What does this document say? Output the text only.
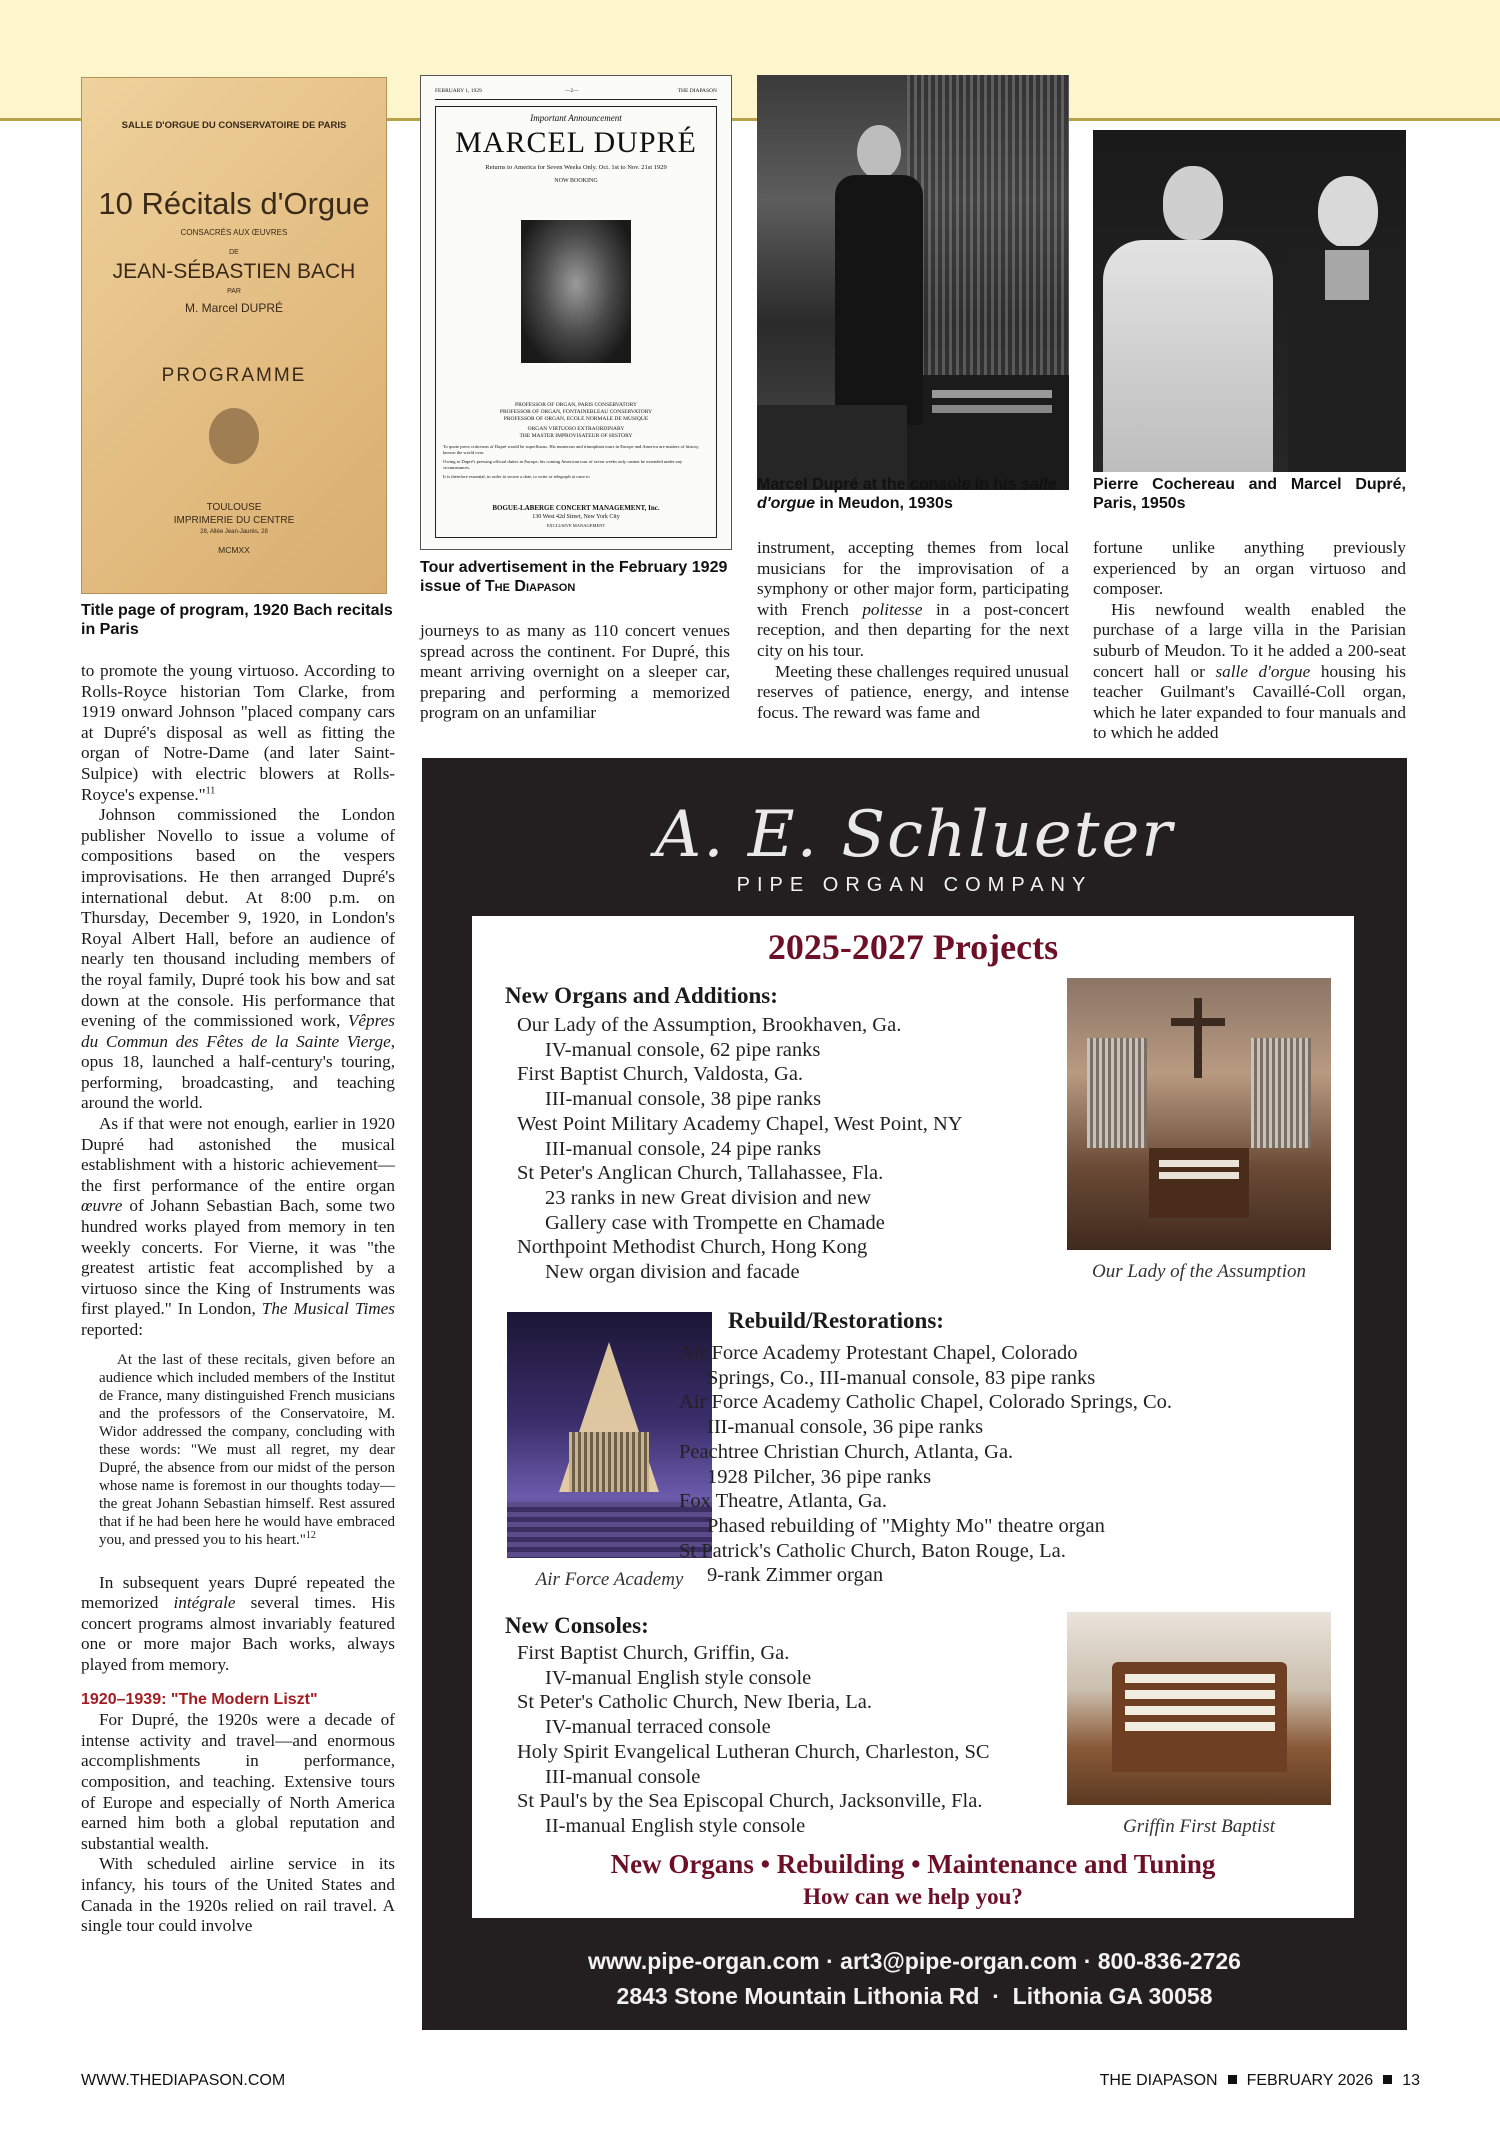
SALLE D'ORGUE DU CONSERVATOIRE DE PARIS
10 Récitals d'Orgue
CONSACRÉS AUX ŒUVRES
DE
JEAN-SÉBASTIEN BACH
PAR
M. Marcel DUPRÉ
PROGRAMME
TOULOUSE
IMPRIMERIE DU CENTRE
28, Allée Jean-Jaurès, 28
MCMXX
Title page of program, 1920 Bach recitals in Paris
FEBRUARY 1, 1929	—2—	THE DIAPASON
Important Announcement
MARCEL DUPRÉ
Returns to America for Seven Weeks Only. Oct. 1st to Nov. 21st 1929
NOW BOOKING
PROFESSOR OF ORGAN, PARIS CONSERVATORY
PROFESSOR OF ORGAN, FONTAINEBLEAU CONSERVATORY
PROFESSOR OF ORGAN, ECOLE NORMALE DE MUSIQUE
ORGAN VIRTUOSO EXTRAORDINARY
THE MASTER IMPROVISATEUR OF HISTORY
To quote press criticisms of Dupré would be superfluous. His numerous and triumphant tours in Europe and America are matters of history, known the world over.
Owing to Dupré's pressing official duties in Europe, his coming American tour of seven weeks only cannot be extended under any circumstances.
It is therefore essential, in order to secure a date, to write or telegraph at once to
BOGUE-LABERGE CONCERT MANAGEMENT, Inc.
130 West 42d Street, New York City
EXCLUSIVE MANAGEMENT
Tour advertisement in the February 1929 issue of The Diapason
Marcel Dupré at the console in his salle d'orgue in Meudon, 1930s
Pierre Cochereau and Marcel Dupré, Paris, 1950s

to promote the young virtuoso. According to Rolls-Royce historian Tom Clarke, from 1919 onward Johnson "placed company cars at Dupré's disposal as well as fitting the organ of Notre-Dame (and later Saint-Sulpice) with electric blowers at Rolls-Royce's expense."$^{11}$

Johnson commissioned the London publisher Novello to issue a volume of compositions based on the vespers improvisations. He then arranged Dupré's international debut. At 8:00 p.m. on Thursday, December 9, 1920, in London's Royal Albert Hall, before an audience of nearly ten thousand including members of the royal family, Dupré took his bow and sat down at the console. His performance that evening of the commissioned work, Vêpres du Commun des Fêtes de la Sainte Vierge, opus 18, launched a half-century's touring, performing, broadcasting, and teaching around the world.

As if that were not enough, earlier in 1920 Dupré had astonished the musical establishment with a historic achievement—the first performance of the entire organ œuvre of Johann Sebastian Bach, some two hundred works played from memory in ten weekly concerts. For Vierne, it was "the greatest artistic feat accomplished by a virtuoso since the King of Instruments was first played." In London, The Musical Times reported:

At the last of these recitals, given before an audience which included members of the Institut de France, many distinguished French musicians and the professors of the Conservatoire, M. Widor addressed the company, concluding with these words: "We must all regret, my dear Dupré, the absence from our midst of the person whose name is foremost in our thoughts today—the great Johann Sebastian himself. Rest assured that if he had been here he would have embraced you, and pressed you to his heart."$^{12}$

In subsequent years Dupré repeated the memorized intégrale several times. His concert programs almost invariably featured one or more major Bach works, always played from memory.

1920–1939: "The Modern Liszt"

For Dupré, the 1920s were a decade of intense activity and travel—and enormous accomplishments in performance, composition, and teaching. Extensive tours of Europe and especially of North America earned him both a global reputation and substantial wealth.

With scheduled airline service in its infancy, his tours of the United States and Canada in the 1920s relied on rail travel. A single tour could involve

journeys to as many as 110 concert venues spread across the continent. For Dupré, this meant arriving overnight on a sleeper car, preparing and performing a memorized program on an unfamiliar

instrument, accepting themes from local musicians for the improvisation of a symphony or other major form, participating with French politesse in a post-concert reception, and then departing for the next city on his tour.

Meeting these challenges required unusual reserves of patience, energy, and intense focus. The reward was fame and

fortune unlike anything previously experienced by an organ virtuoso and composer.

His newfound wealth enabled the purchase of a large villa in the Parisian suburb of Meudon. To it he added a 200-seat concert hall or salle d'orgue housing his teacher Guilmant's Cavaillé-Coll organ, which he later expanded to four manuals and to which he added

A. E. Schlueter
PIPE ORGAN COMPANY
2025-2027 Projects
New Organs and Additions:
Our Lady of the Assumption
Air Force Academy
Rebuild/Restorations:
New Consoles:
Griffin First Baptist
New Organs • Rebuilding • Maintenance and Tuning
How can we help you?
Our Lady of the Assumption, Brookhaven, Ga.
IV-manual console, 62 pipe ranks
First Baptist Church, Valdosta, Ga.
III-manual console, 38 pipe ranks
West Point Military Academy Chapel, West Point, NY
III-manual console, 24 pipe ranks
St Peter's Anglican Church, Tallahassee, Fla.
23 ranks in new Great division and new
Gallery case with Trompette en Chamade
Northpoint Methodist Church, Hong Kong
New organ division and facade
Air Force Academy Protestant Chapel, Colorado
Springs, Co., III-manual console, 83 pipe ranks
Air Force Academy Catholic Chapel, Colorado Springs, Co.
III-manual console, 36 pipe ranks
Peachtree Christian Church, Atlanta, Ga.
1928 Pilcher, 36 pipe ranks
Fox Theatre, Atlanta, Ga.
Phased rebuilding of "Mighty Mo" theatre organ
St Patrick's Catholic Church, Baton Rouge, La.
9-rank Zimmer organ
First Baptist Church, Griffin, Ga.
IV-manual English style console
St Peter's Catholic Church, New Iberia, La.
IV-manual terraced console
Holy Spirit Evangelical Lutheran Church, Charleston, SC
III-manual console
St Paul's by the Sea Episcopal Church, Jacksonville, Fla.
II-manual English style console
www.pipe-organ.com · art3@pipe-organ.com · 800-836-2726
2843 Stone Mountain Lithonia Rd  ·  Lithonia GA 30058
WWW.THEDIAPASON.COM	THE DIAPASON FEBRUARY 2026 13
